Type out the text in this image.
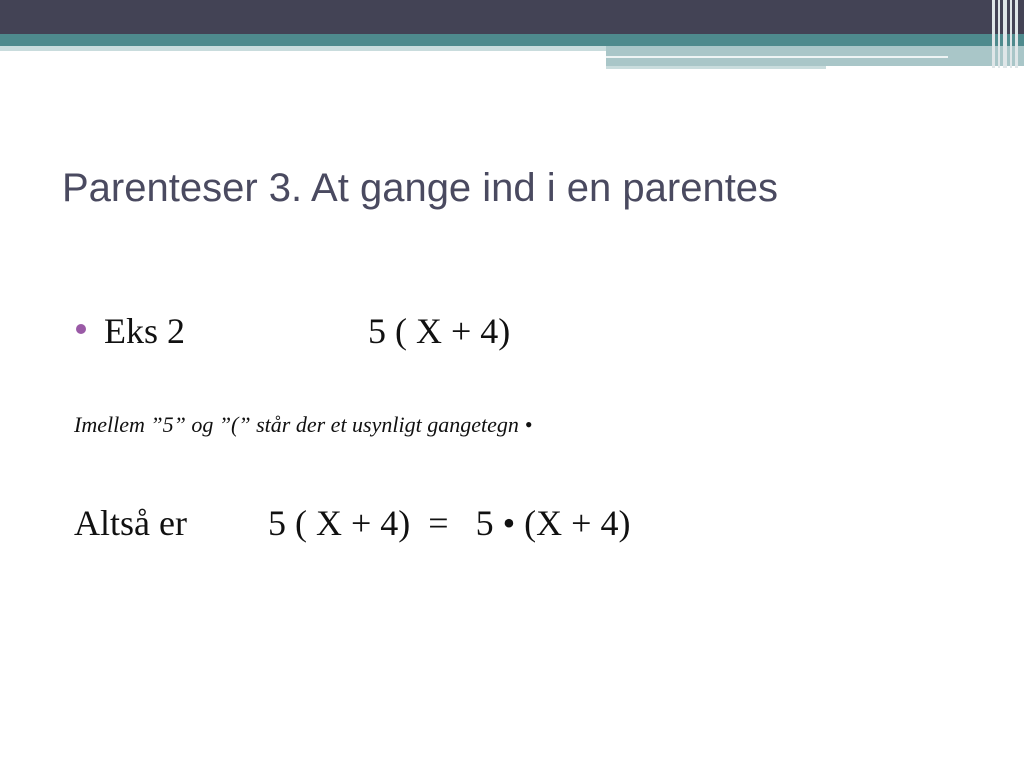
Parenteser 3. At gange ind i en parentes
Eks 2	5 ( X + 4)
Imellem ”5” og ”(” står der et usynligt gangetegn •
Altså er 5 ( X + 4)  =   5 • (X + 4)
